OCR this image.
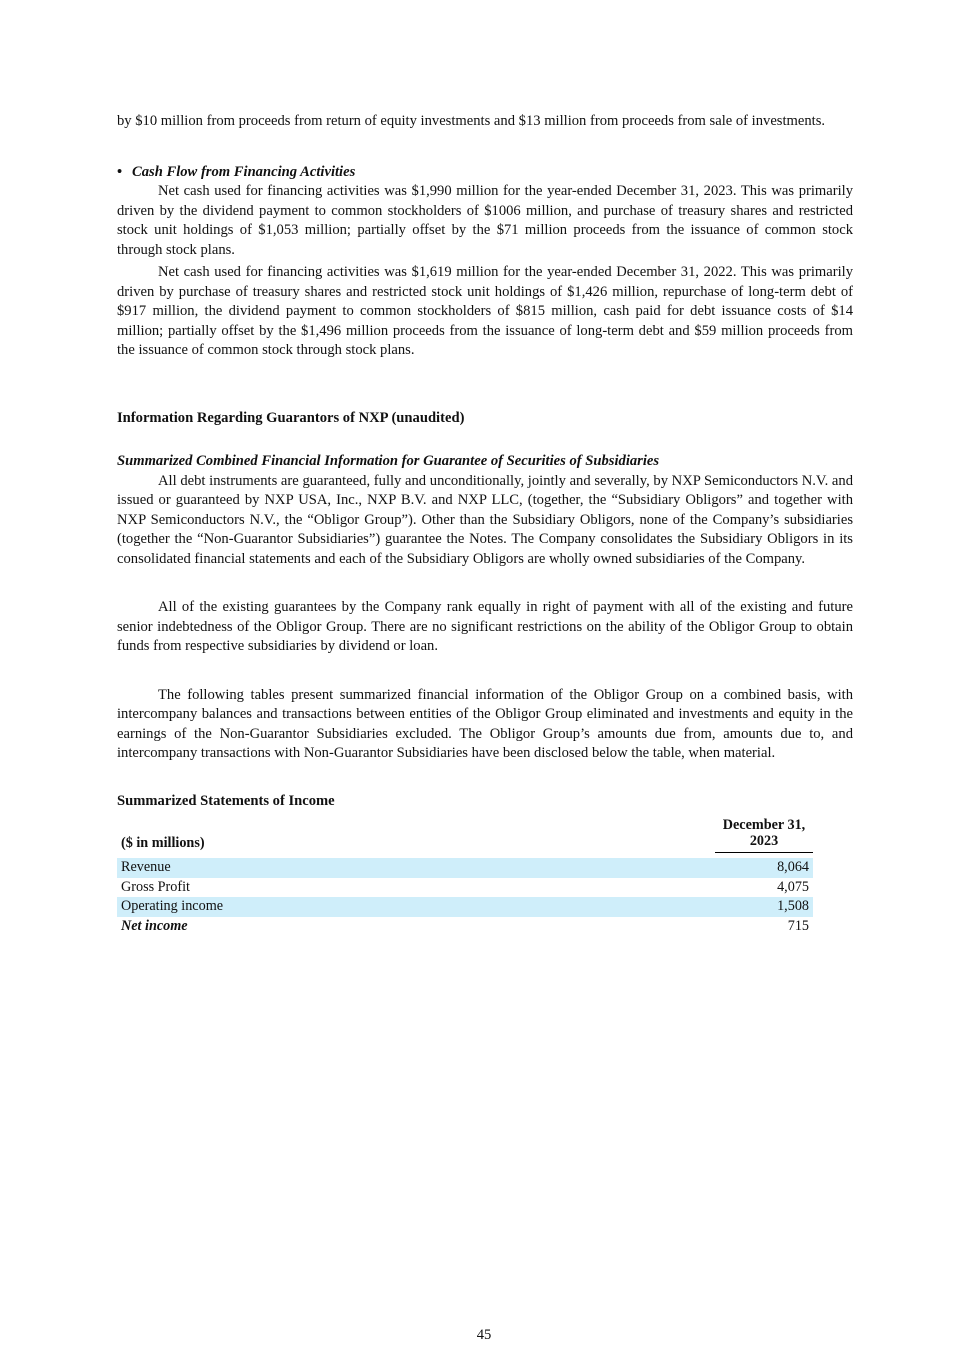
by $10 million from proceeds from return of equity investments and $13 million from proceeds from sale of investments.

• Cash Flow from Financing Activities

Net cash used for financing activities was $1,990 million for the year-ended December 31, 2023. This was primarily driven by the dividend payment to common stockholders of $1006 million, and purchase of treasury shares and restricted stock unit holdings of $1,053 million; partially offset by the $71 million proceeds from the issuance of common stock through stock plans.

Net cash used for financing activities was $1,619 million for the year-ended December 31, 2022. This was primarily driven by purchase of treasury shares and restricted stock unit holdings of $1,426 million, repurchase of long-term debt of $917 million, the dividend payment to common stockholders of $815 million, cash paid for debt issuance costs of $14 million; partially offset by the $1,496 million proceeds from the issuance of long-term debt and $59 million proceeds from the issuance of common stock through stock plans.

Information Regarding Guarantors of NXP (unaudited)

Summarized Combined Financial Information for Guarantee of Securities of Subsidiaries

All debt instruments are guaranteed, fully and unconditionally, jointly and severally, by NXP Semiconductors N.V. and issued or guaranteed by NXP USA, Inc., NXP B.V. and NXP LLC, (together, the “Subsidiary Obligors” and together with NXP Semiconductors N.V., the “Obligor Group”). Other than the Subsidiary Obligors, none of the Company’s subsidiaries (together the “Non-Guarantor Subsidiaries”) guarantee the Notes. The Company consolidates the Subsidiary Obligors in its consolidated financial statements and each of the Subsidiary Obligors are wholly owned subsidiaries of the Company.

All of the existing guarantees by the Company rank equally in right of payment with all of the existing and future senior indebtedness of the Obligor Group. There are no significant restrictions on the ability of the Obligor Group to obtain funds from respective subsidiaries by dividend or loan.

The following tables present summarized financial information of the Obligor Group on a combined basis, with intercompany balances and transactions between entities of the Obligor Group eliminated and investments and equity in the earnings of the Non-Guarantor Subsidiaries excluded. The Obligor Group’s amounts due from, amounts due to, and intercompany transactions with Non-Guarantor Subsidiaries have been disclosed below the table, when material.

Summarized Statements of Income

($ in millions)	December 31,
2023

Revenue	8,064
Gross Profit	4,075
Operating income	1,508
Net income	715
45
